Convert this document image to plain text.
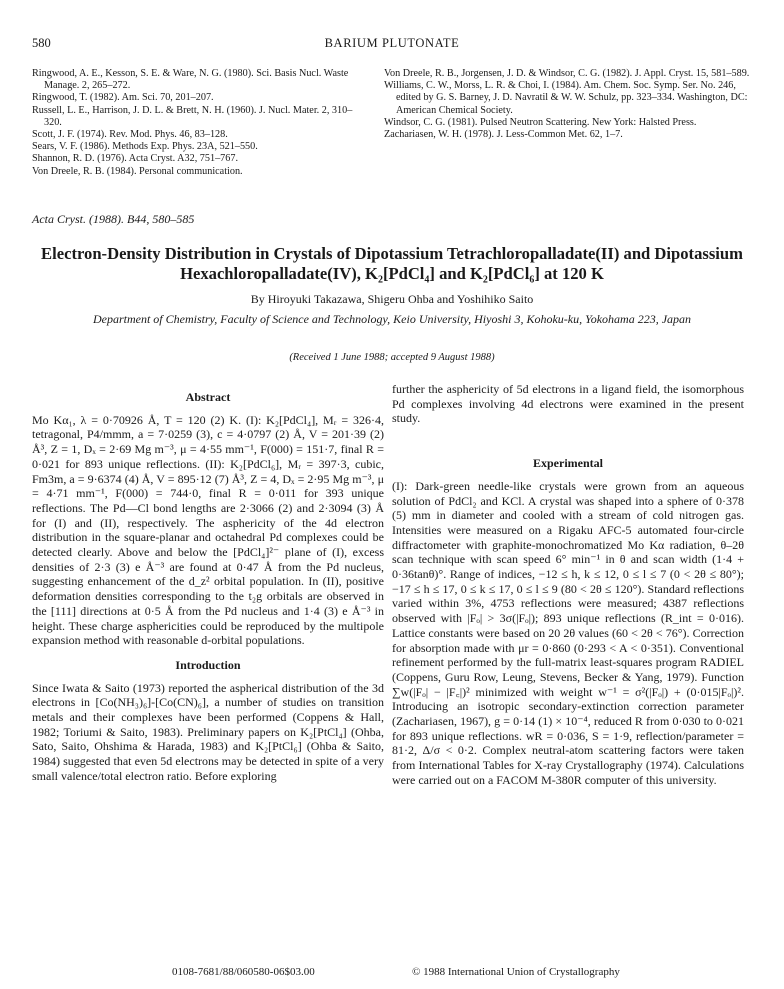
580	BARIUM PLUTONATE

Ringwood, A. E., Kesson, S. E. & Ware, N. G. (1980). Sci. Basis Nucl. Waste Manage. 2, 265–272.

Ringwood, T. (1982). Am. Sci. 70, 201–207.

Russell, L. E., Harrison, J. D. L. & Brett, N. H. (1960). J. Nucl. Mater. 2, 310–320.

Scott, J. F. (1974). Rev. Mod. Phys. 46, 83–128.

Sears, V. F. (1986). Methods Exp. Phys. 23A, 521–550.

Shannon, R. D. (1976). Acta Cryst. A32, 751–767.

Von Dreele, R. B. (1984). Personal communication.

Von Dreele, R. B., Jorgensen, J. D. & Windsor, C. G. (1982). J. Appl. Cryst. 15, 581–589.

Williams, C. W., Morss, L. R. & Choi, I. (1984). Am. Chem. Soc. Symp. Ser. No. 246, edited by G. S. Barney, J. D. Navratil & W. W. Schulz, pp. 323–334. Washington, DC: American Chemical Society.

Windsor, C. G. (1981). Pulsed Neutron Scattering. New York: Halsted Press.

Zachariasen, W. H. (1978). J. Less-Common Met. 62, 1–7.

Acta Cryst. (1988). B44, 580–585
Electron-Density Distribution in Crystals of Dipotassium Tetrachloropalladate(II) and Dipotassium Hexachloropalladate(IV), K₂[PdCl₄] and K₂[PdCl₆] at 120 K
By Hiroyuki Takazawa, Shigeru Ohba and Yoshihiko Saito
Department of Chemistry, Faculty of Science and Technology, Keio University, Hiyoshi 3, Kohoku-ku, Yokohama 223, Japan
(Received 1 June 1988; accepted 9 August 1988)
Abstract

Mo Kα₁, λ = 0·70926 Å, T = 120 (2) K. (I): K₂[PdCl₄], Mᵣ = 326·4, tetragonal, P4/mmm, a = 7·0259 (3), c = 4·0797 (2) Å, V = 201·39 (2) Å³, Z = 1, Dₓ = 2·69 Mg m⁻³, μ = 4·55 mm⁻¹, F(000) = 151·7, final R = 0·021 for 893 unique reflections. (II): K₂[PdCl₆], Mᵣ = 397·3, cubic, Fm3m, a = 9·6374 (4) Å, V = 895·12 (7) Å³, Z = 4, Dₓ = 2·95 Mg m⁻³, μ = 4·71 mm⁻¹, F(000) = 744·0, final R = 0·011 for 393 unique reflections. The Pd—Cl bond lengths are 2·3066 (2) and 2·3094 (3) Å for (I) and (II), respectively. The asphericity of the 4d electron distribution in the square-planar and octahedral Pd complexes could be detected clearly. Above and below the [PdCl₄]²⁻ plane of (I), excess densities of 2·3 (3) e Å⁻³ are found at 0·47 Å from the Pd nucleus, suggesting enhancement of the d_z² orbital population. In (II), positive deformation densities corresponding to the t₂g orbitals are observed in the [111] directions at 0·5 Å from the Pd nucleus and 1·4 (3) e Å⁻³ in height. These charge asphericities could be reproduced by the multipole expansion method with reasonable d-orbital populations.

Introduction

Since Iwata & Saito (1973) reported the aspherical distribution of the 3d electrons in [Co(NH₃)₆]-[Co(CN)₆], a number of studies on transition metals and their complexes have been performed (Coppens & Hall, 1982; Toriumi & Saito, 1983). Preliminary papers on K₂[PtCl₄] (Ohba, Sato, Saito, Ohshima & Harada, 1983) and K₂[PtCl₆] (Ohba & Saito, 1984) suggested that even 5d electrons may be detected in spite of a very small valence/total electron ratio. Before exploring

further the asphericity of 5d electrons in a ligand field, the isomorphous Pd complexes involving 4d electrons were examined in the present study.

Experimental

(I): Dark-green needle-like crystals were grown from an aqueous solution of PdCl₂ and KCl. A crystal was shaped into a sphere of 0·378 (5) mm in diameter and cooled with a stream of cold nitrogen gas. Intensities were measured on a Rigaku AFC-5 automated four-circle diffractometer with graphite-monochromatized Mo Kα radiation, θ–2θ scan technique with scan speed 6° min⁻¹ in θ and scan width (1·4 + 0·36tanθ)°. Range of indices, −12 ≤ h, k ≤ 12, 0 ≤ l ≤ 7 (0 < 2θ ≤ 80°); −17 ≤ h ≤ 17, 0 ≤ k ≤ 17, 0 ≤ l ≤ 9 (80 < 2θ ≤ 120°). Standard reflections varied within 3%, 4753 reflections were measured; 4387 reflections observed with |Fₒ| > 3σ(|Fₒ|); 893 unique reflections (R_int = 0·016). Lattice constants were based on 20 2θ values (60 < 2θ < 76°). Correction for absorption made with μr = 0·860 (0·293 < A < 0·351). Conventional refinement performed by the full-matrix least-squares program RADIEL (Coppens, Guru Row, Leung, Stevens, Becker & Yang, 1979). Function ∑w(|Fₒ| − |F꜀|)² minimized with weight w⁻¹ = σ²(|Fₒ|) + (0·015|Fₒ|)². Introducing an isotropic secondary-extinction correction parameter (Zachariasen, 1967), g = 0·14 (1) × 10⁻⁴, reduced R from 0·030 to 0·021 for 893 unique reflections. wR = 0·036, S = 1·9, reflection/parameter = 81·2, Δ/σ < 0·2. Complex neutral-atom scattering factors were taken from International Tables for X-ray Crystallography (1974). Calculations were carried out on a FACOM M-380R computer of this university.

0108-7681/88/060580-06$03.00	© 1988 International Union of Crystallography
